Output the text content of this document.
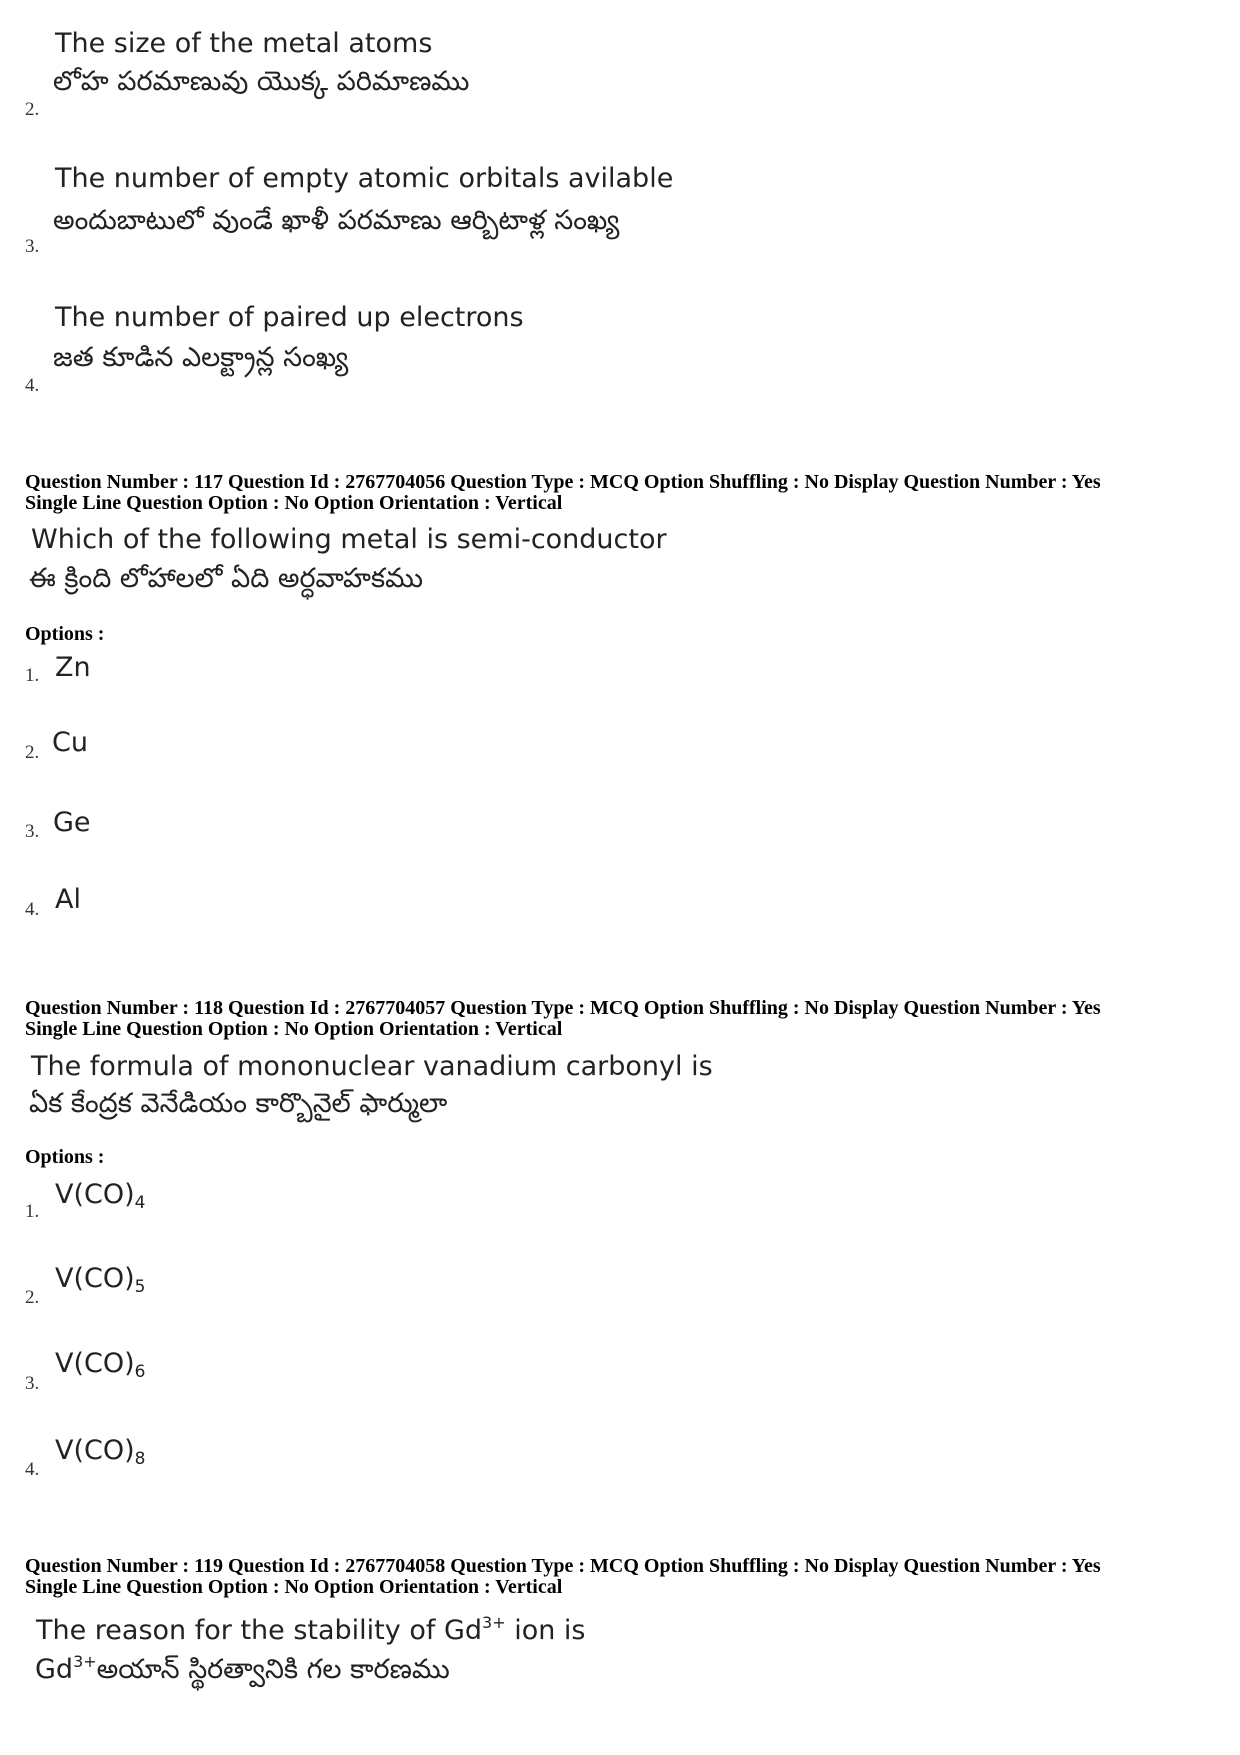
The size of the metal atoms
లోహ పరమాణువు యొక్క పరిమాణము
2.
The number of empty atomic orbitals avilable
అందుబాటులో వుండే ఖాళీ పరమాణు ఆర్బిటాళ్ల సంఖ్య
3.
The number of paired up electrons
జత కూడిన ఎలక్ట్రాన్ల సంఖ్య
4.
Question Number : 117 Question Id : 2767704056 Question Type : MCQ Option Shuffling : No Display Question Number : Yes
Single Line Question Option : No Option Orientation : Vertical
Which of the following metal is semi-conductor
ఈ క్రింది లోహాలలో ఏది అర్ధవాహకము
Options :
1. Zn
2. Cu
3. Ge
4. Al
Question Number : 118 Question Id : 2767704057 Question Type : MCQ Option Shuffling : No Display Question Number : Yes
Single Line Question Option : No Option Orientation : Vertical
The formula of mononuclear vanadium carbonyl is
ఏక కేంద్రక వెనేడియం కార్బొనైల్ ఫార్ములా
Options :
1.
$V(CO)_4$
2.
$V(CO)_5$
3.
$V(CO)_6$
4.
$V(CO)_8$
Question Number : 119 Question Id : 2767704058 Question Type : MCQ Option Shuffling : No Display Question Number : Yes
Single Line Question Option : No Option Orientation : Vertical
The reason for the stability of $Gd^{3+}$ ion is
$Gd^{3+}అయాన్$ స్థిరత్వానికి గల కారణము
